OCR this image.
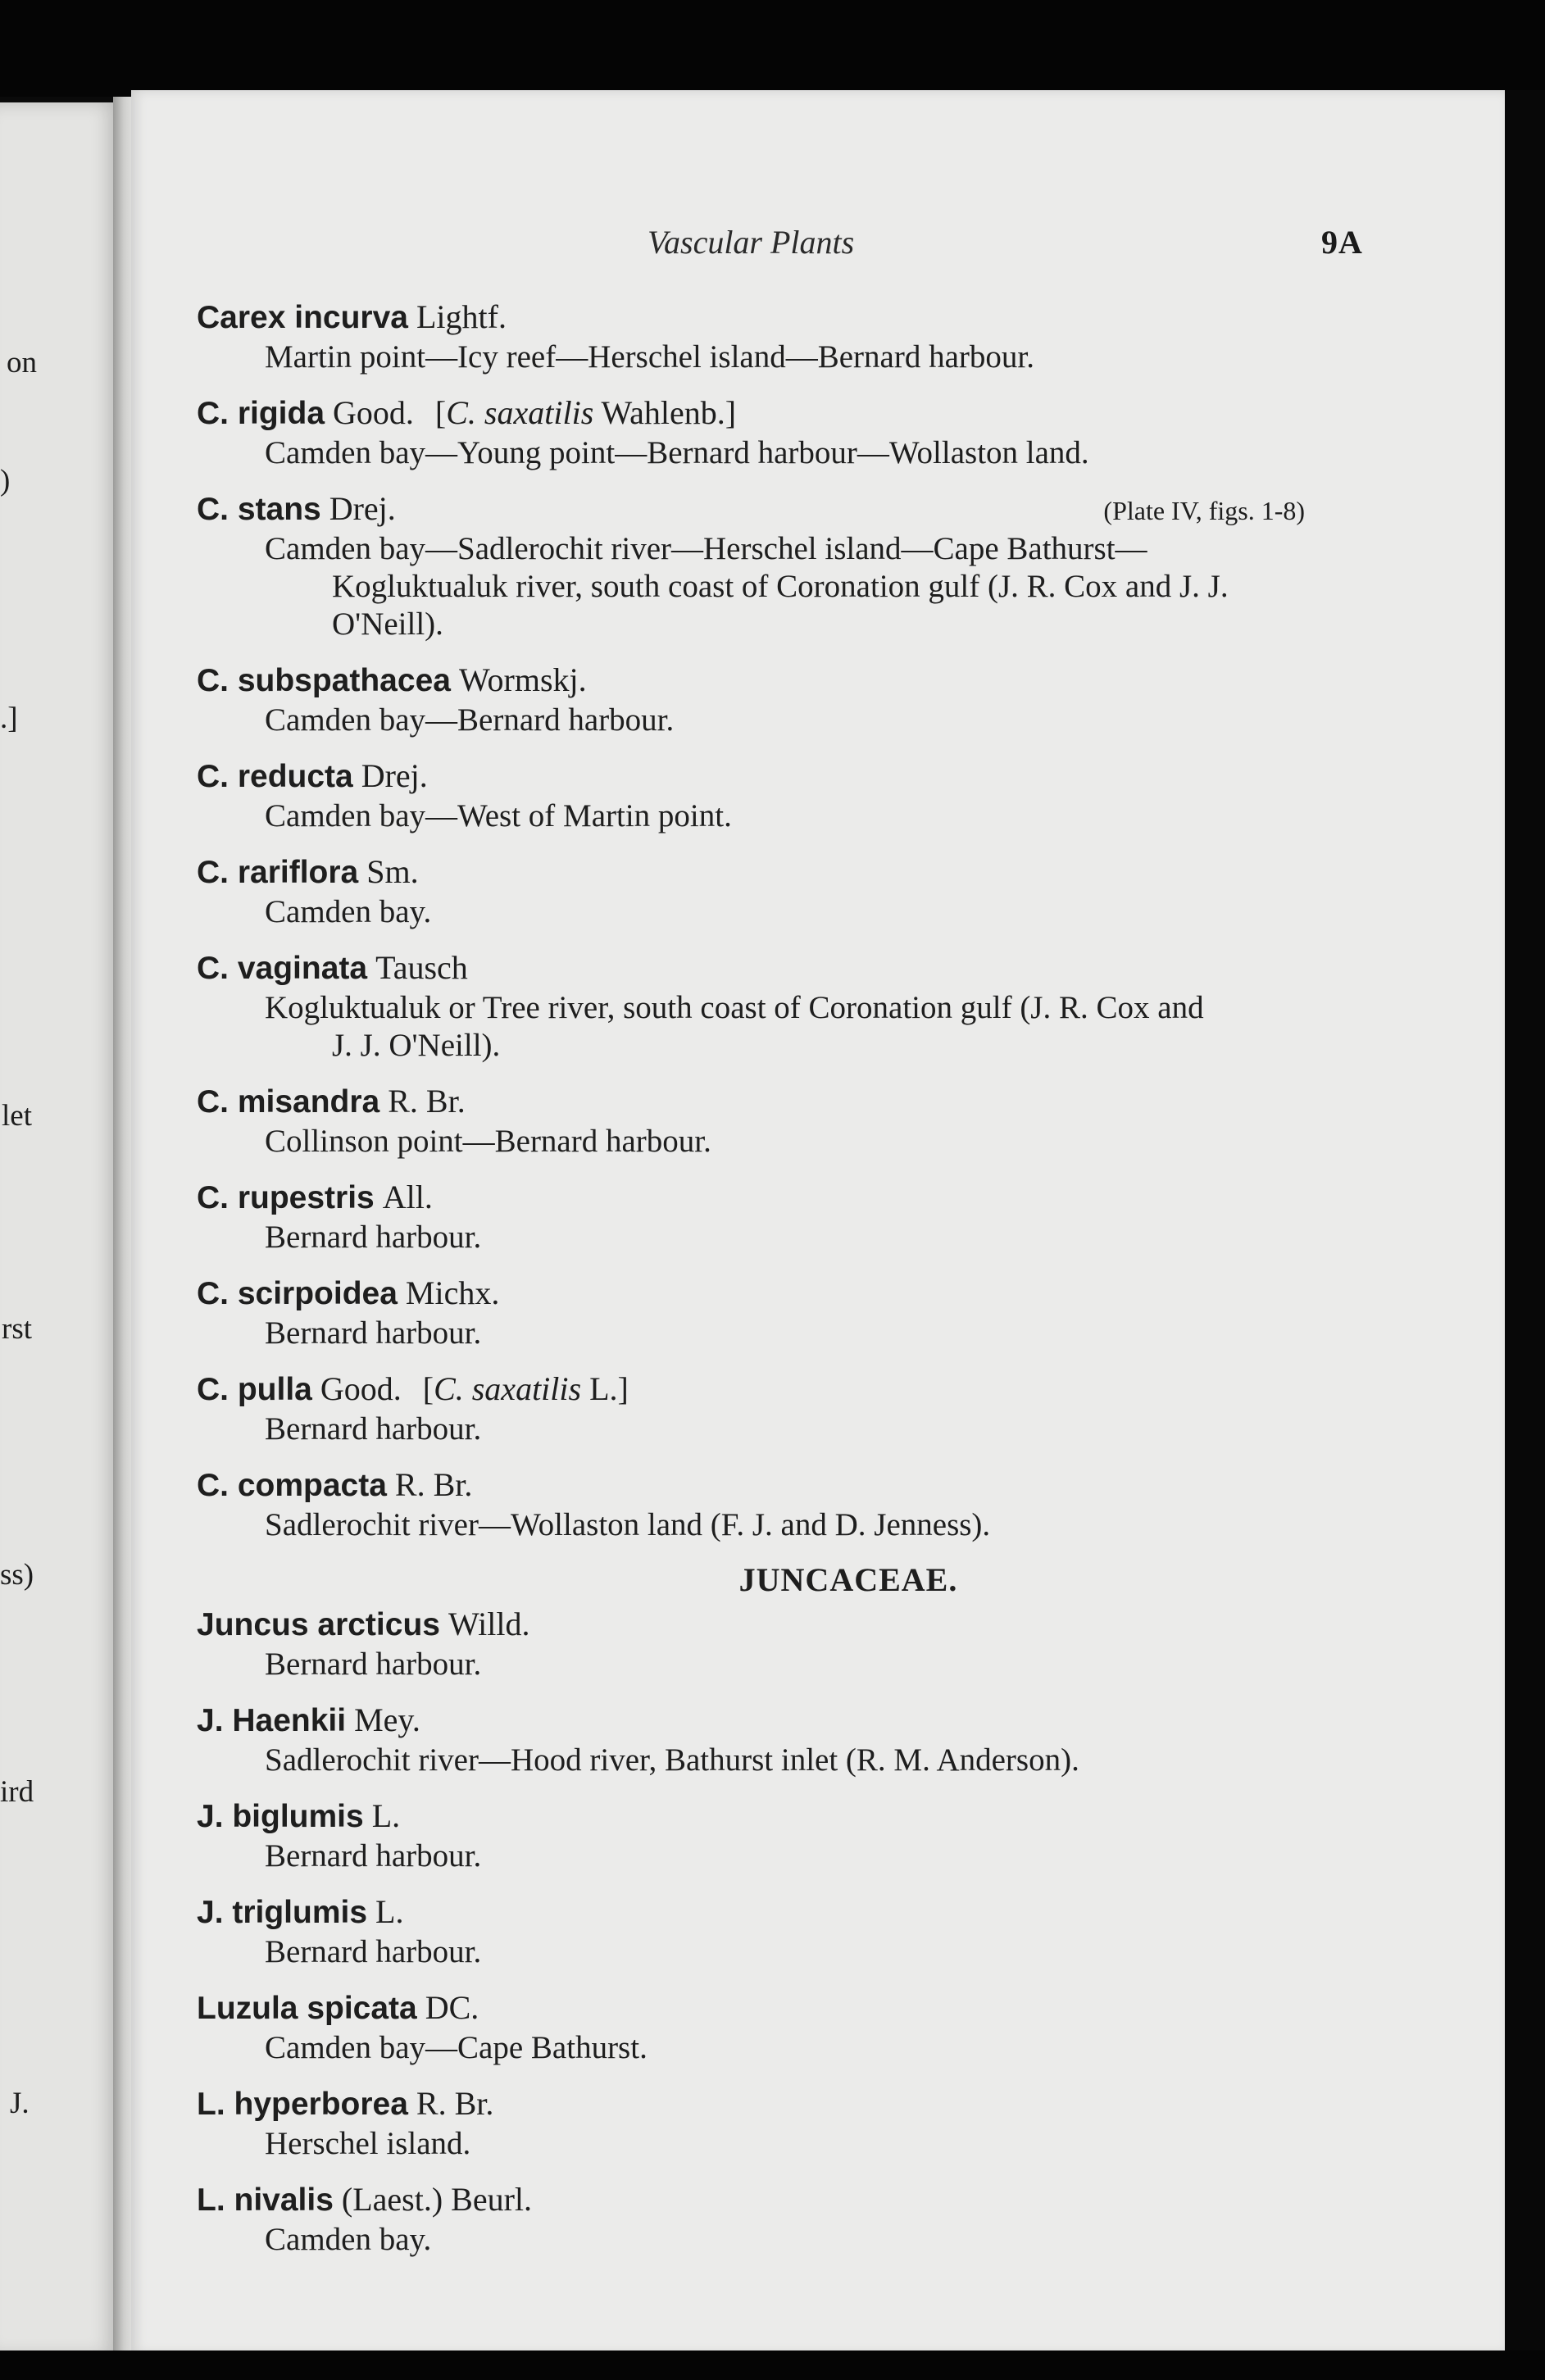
on
)
.]
let
rst
ss)
ird
J.
Vascular Plants	9A
Carex incurva Lightf.
Martin point—Icy reef—Herschel island—Bernard harbour.
C. rigida Good. [C. saxatilis Wahlenb.]
Camden bay—Young point—Bernard harbour—Wollaston land.
C. stans Drej.	(Plate IV, figs. 1-8)
Camden bay—Sadlerochit river—Herschel island—Cape Bathurst—
Kogluktualuk river, south coast of Coronation gulf (J. R. Cox and J. J. O'Neill).
C. subspathacea Wormskj.
Camden bay—Bernard harbour.
C. reducta Drej.
Camden bay—West of Martin point.
C. rariflora Sm.
Camden bay.
C. vaginata Tausch
Kogluktualuk or Tree river, south coast of Coronation gulf (J. R. Cox and
J. J. O'Neill).
C. misandra R. Br.
Collinson point—Bernard harbour.
C. rupestris All.
Bernard harbour.
C. scirpoidea Michx.
Bernard harbour.
C. pulla Good. [C. saxatilis L.]
Bernard harbour.
C. compacta R. Br.
Sadlerochit river—Wollaston land (F. J. and D. Jenness).
JUNCACEAE.
Juncus arcticus Willd.
Bernard harbour.
J. Haenkii Mey.
Sadlerochit river—Hood river, Bathurst inlet (R. M. Anderson).
J. biglumis L.
Bernard harbour.
J. triglumis L.
Bernard harbour.
Luzula spicata DC.
Camden bay—Cape Bathurst.
L. hyperborea R. Br.
Herschel island.
L. nivalis (Laest.) Beurl.
Camden bay.
